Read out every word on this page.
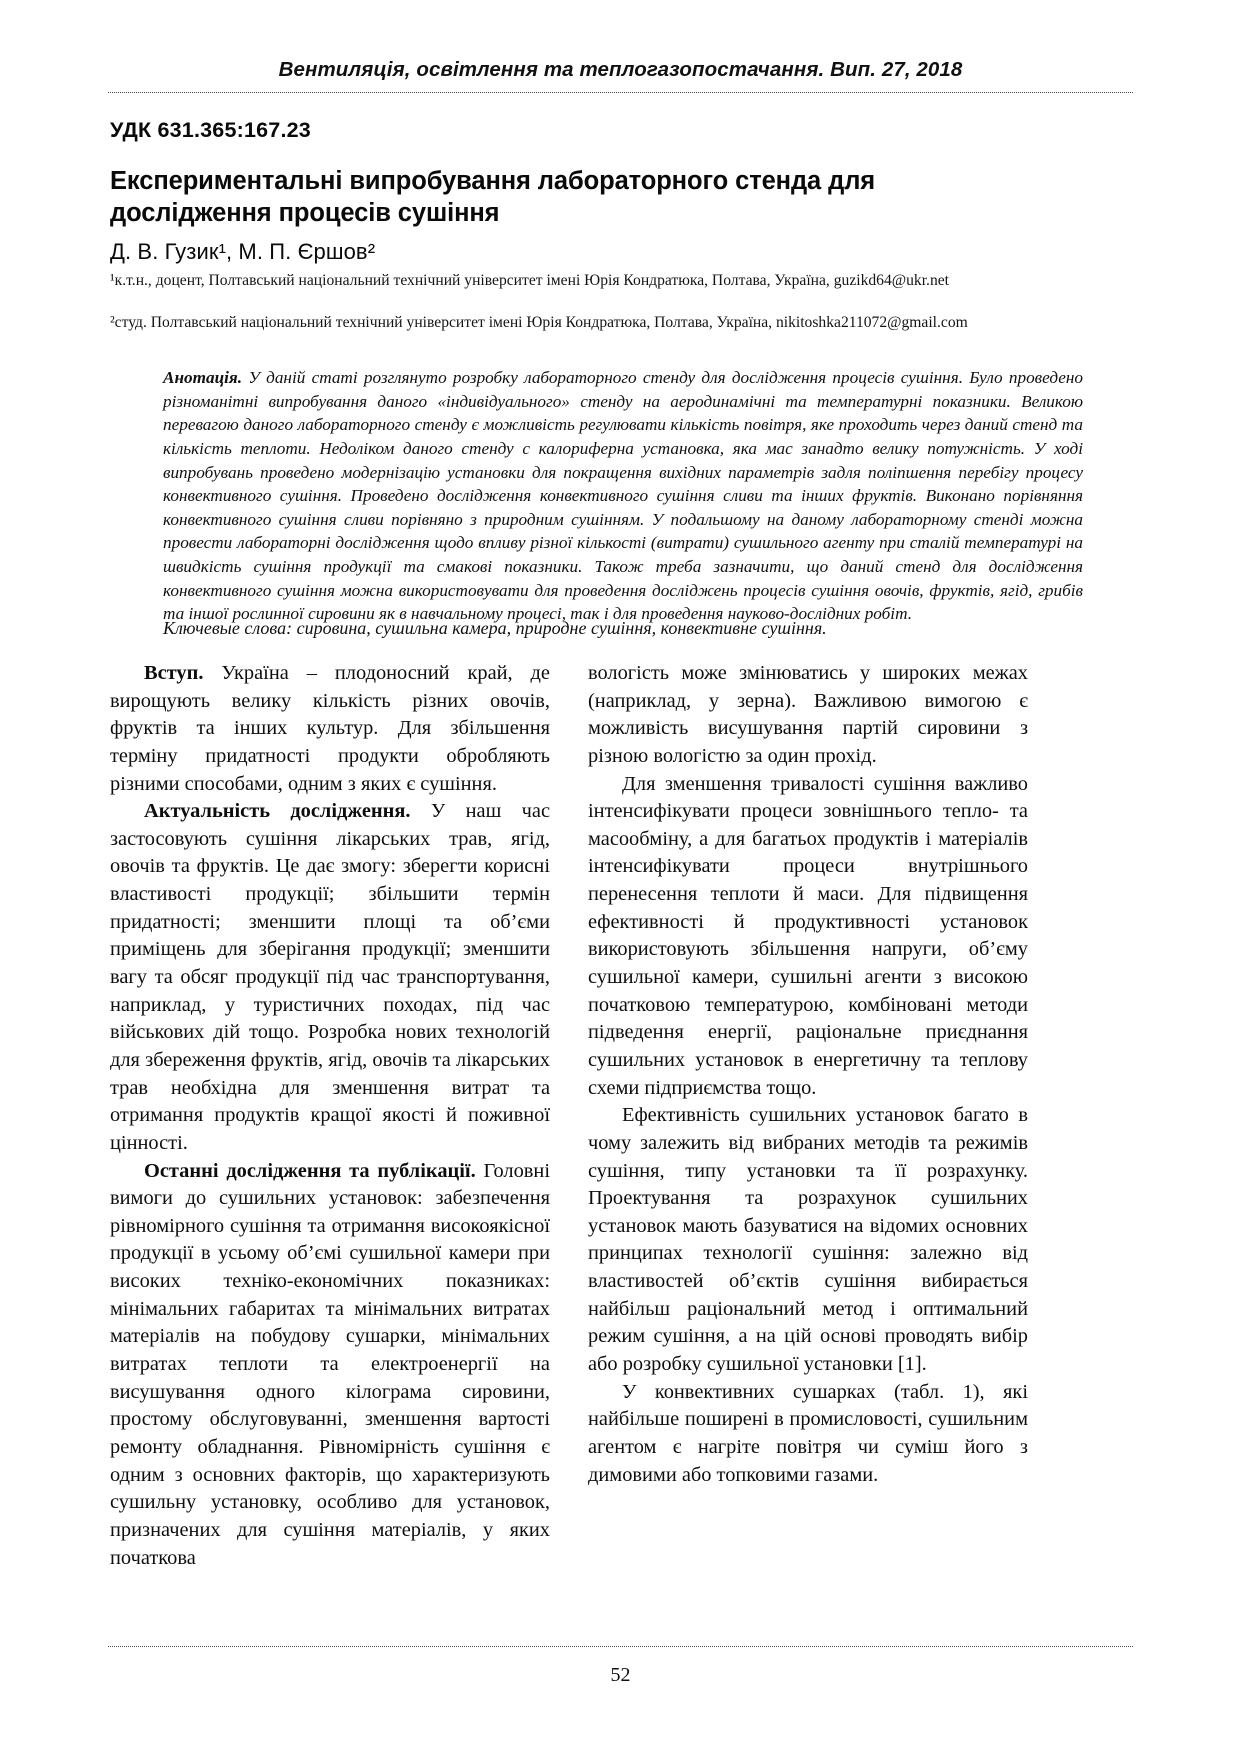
Вентиляція, освітлення та теплогазопостачання. Вип. 27, 2018
УДК 631.365:167.23
Експериментальні випробування лабораторного стенда для дослідження процесів сушіння
Д. В. Гузик¹, М. П. Єршов²
¹к.т.н., доцент, Полтавський національний технічний університет імені Юрія Кондратюка, Полтава, Україна, guzikd64@ukr.net
²студ. Полтавський національний технічний університет імені Юрія Кондратюка, Полтава, Україна, nikitoshka211072@gmail.com
Анотація. У даній статі розглянуто розробку лабораторного стенду для дослідження процесів сушіння. Було проведено різноманітні випробування даного «індивідуального» стенду на аеродинамічні та температурні показники. Великою перевагою даного лабораторного стенду є можливість регулювати кількість повітря, яке проходить через даний стенд та кількість теплоти. Недоліком даного стенду с калориферна установка, яка мас занадто велику потужність. У ході випробувань проведено модернізацію установки для покращення вихідних параметрів задля поліпшення перебігу процесу конвективного сушіння. Проведено дослідження конвективного сушіння сливи та інших фруктів. Виконано порівняння конвективного сушіння сливи порівняно з природним сушінням. У подальшому на даному лабораторному стенді можна провести лабораторні дослідження щодо впливу різної кількості (витрати) сушильного агенту при сталій температурі на швидкість сушіння продукції та смакові показники. Також треба зазначити, що даний стенд для дослідження конвективного сушіння можна використовувати для проведення досліджень процесів сушіння овочів, фруктів, ягід, грибів та іншої рослинної сировини як в навчальному процесі, так і для проведення науково-дослідних робіт.
Ключевые слова: сировина, сушильна камера, природне сушіння, конвективне сушіння.

Вступ. Україна – плодоносний край, де вирощують велику кількість різних овочів, фруктів та інших культур. Для збільшення терміну придатності продукти обробляють різними способами, одним з яких є сушіння.

Актуальність дослідження. У наш час застосовують сушіння лікарських трав, ягід, овочів та фруктів. Це дає змогу: зберегти корисні властивості продукції; збільшити термін придатності; зменшити площі та об’єми приміщень для зберігання продукції; зменшити вагу та обсяг продукції під час транспортування, наприклад, у туристичних походах, під час військових дій тощо. Розробка нових технологій для збереження фруктів, ягід, овочів та лікарських трав необхідна для зменшення витрат та отримання продуктів кращої якості й поживної цінності.

Останні дослідження та публікації. Головні вимоги до сушильних установок: забезпечення рівномірного сушіння та отримання високоякісної продукції в усьому об’ємі сушильної камери при високих техніко-економічних показниках: мінімальних габаритах та мінімальних витратах матеріалів на побудову сушарки, мінімальних витратах теплоти та електроенергії на висушування одного кілограма сировини, простому обслуговуванні, зменшення вартості ремонту обладнання. Рівномірність сушіння є одним з основних факторів, що характеризують сушильну установку, особливо для установок, призначених для сушіння матеріалів, у яких початкова

вологість може змінюватись у широких межах (наприклад, у зерна). Важливою вимогою є можливість висушування партій сировини з різною вологістю за один прохід.

Для зменшення тривалості сушіння важливо інтенсифікувати процеси зовнішнього тепло- та масообміну, а для багатьох продуктів і матеріалів інтенсифікувати процеси внутрішнього перенесення теплоти й маси. Для підвищення ефективності й продуктивності установок використовують збільшення напруги, об’єму сушильної камери, сушильні агенти з високою початковою температурою, комбіновані методи підведення енергії, раціональне приєднання сушильних установок в енергетичну та теплову схеми підприємства тощо.

Ефективність сушильних установок багато в чому залежить від вибраних методів та режимів сушіння, типу установки та її розрахунку. Проектування та розрахунок сушильних установок мають базуватися на відомих основних принципах технології сушіння: залежно від властивостей об’єктів сушіння вибирається найбільш раціональний метод і оптимальний режим сушіння, а на цій основі проводять вибір або розробку сушильної установки [1].

У конвективних сушарках (табл. 1), які найбільше поширені в промисловості, сушильним агентом є нагріте повітря чи суміш його з димовими або топковими газами.

52
